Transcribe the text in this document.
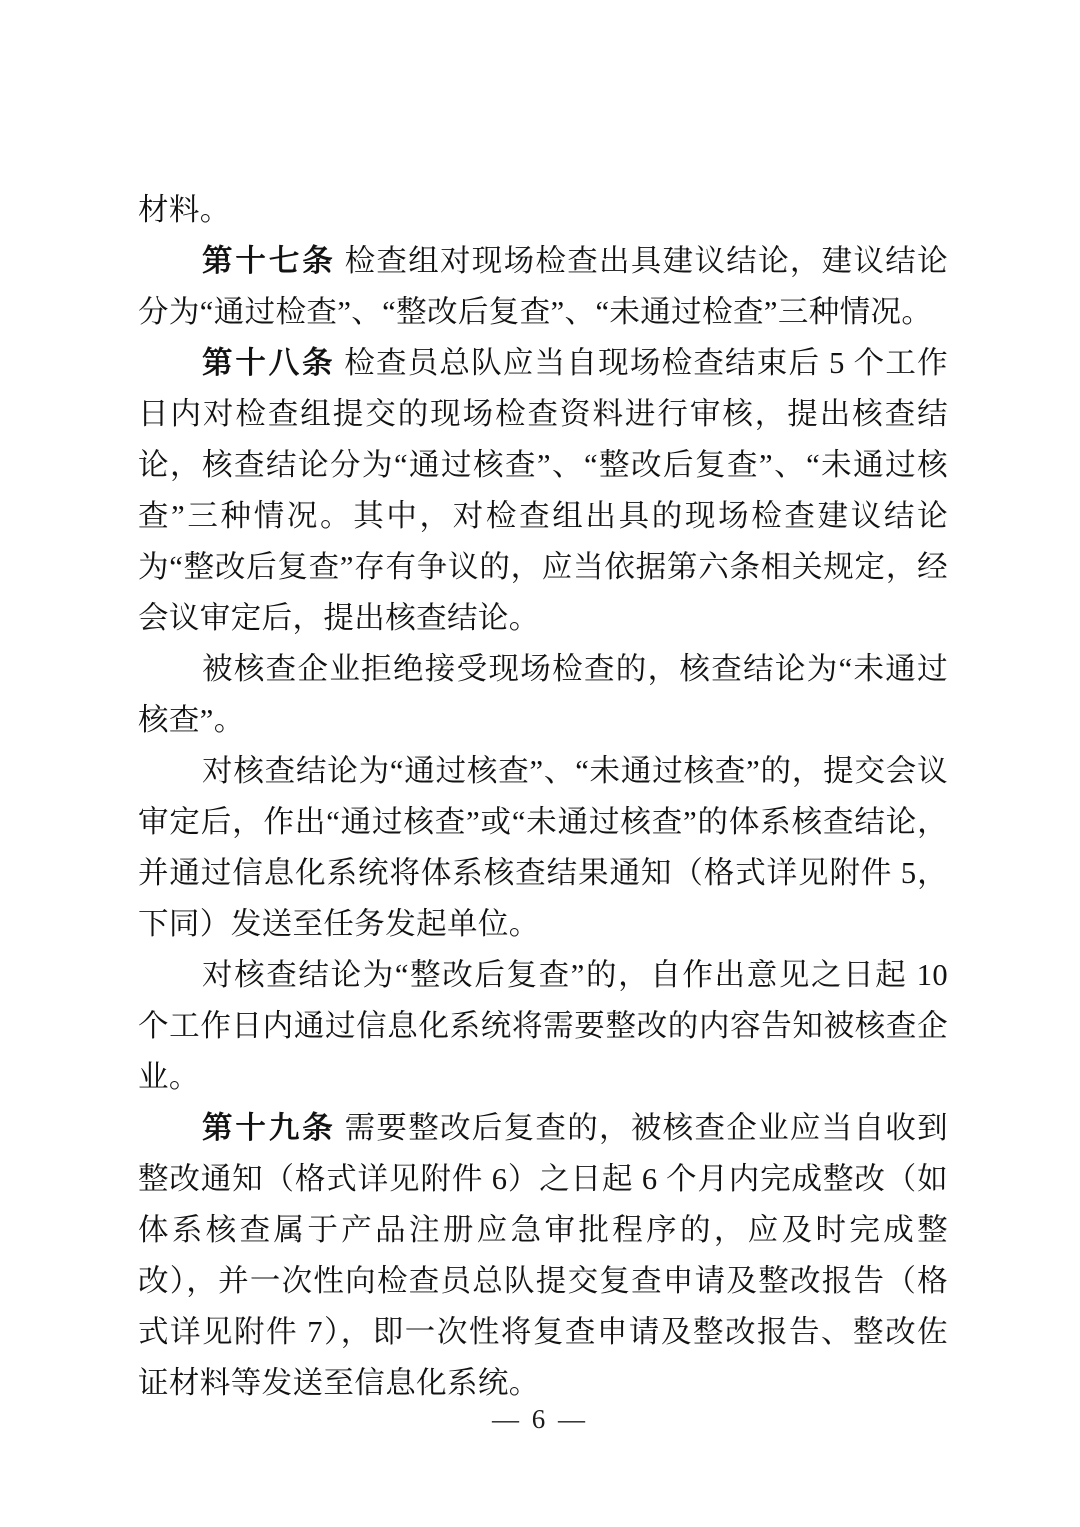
材料。

第十七条 检查组对现场检查出具建议结论，建议结论分为“通过检查”、“整改后复查”、“未通过检查”三种情况。

第十八条 检查员总队应当自现场检查结束后 5 个工作日内对检查组提交的现场检查资料进行审核，提出核查结论，核查结论分为“通过核查”、“整改后复查”、“未通过核查”三种情况。其中，对检查组出具的现场检查建议结论为“整改后复查”存有争议的，应当依据第六条相关规定，经会议审定后，提出核查结论。

被核查企业拒绝接受现场检查的，核查结论为“未通过核查”。

对核查结论为“通过核查”、“未通过核查”的，提交会议审定后，作出“通过核查”或“未通过核查”的体系核查结论，并通过信息化系统将体系核查结果通知（格式详见附件 5，下同）发送至任务发起单位。

对核查结论为“整改后复查”的，自作出意见之日起 10 个工作日内通过信息化系统将需要整改的内容告知被核查企业。

第十九条 需要整改后复查的，被核查企业应当自收到整改通知（格式详见附件 6）之日起 6 个月内完成整改（如体系核查属于产品注册应急审批程序的，应及时完成整改），并一次性向检查员总队提交复查申请及整改报告（格式详见附件 7），即一次性将复查申请及整改报告、整改佐证材料等发送至信息化系统。

— 6 —
